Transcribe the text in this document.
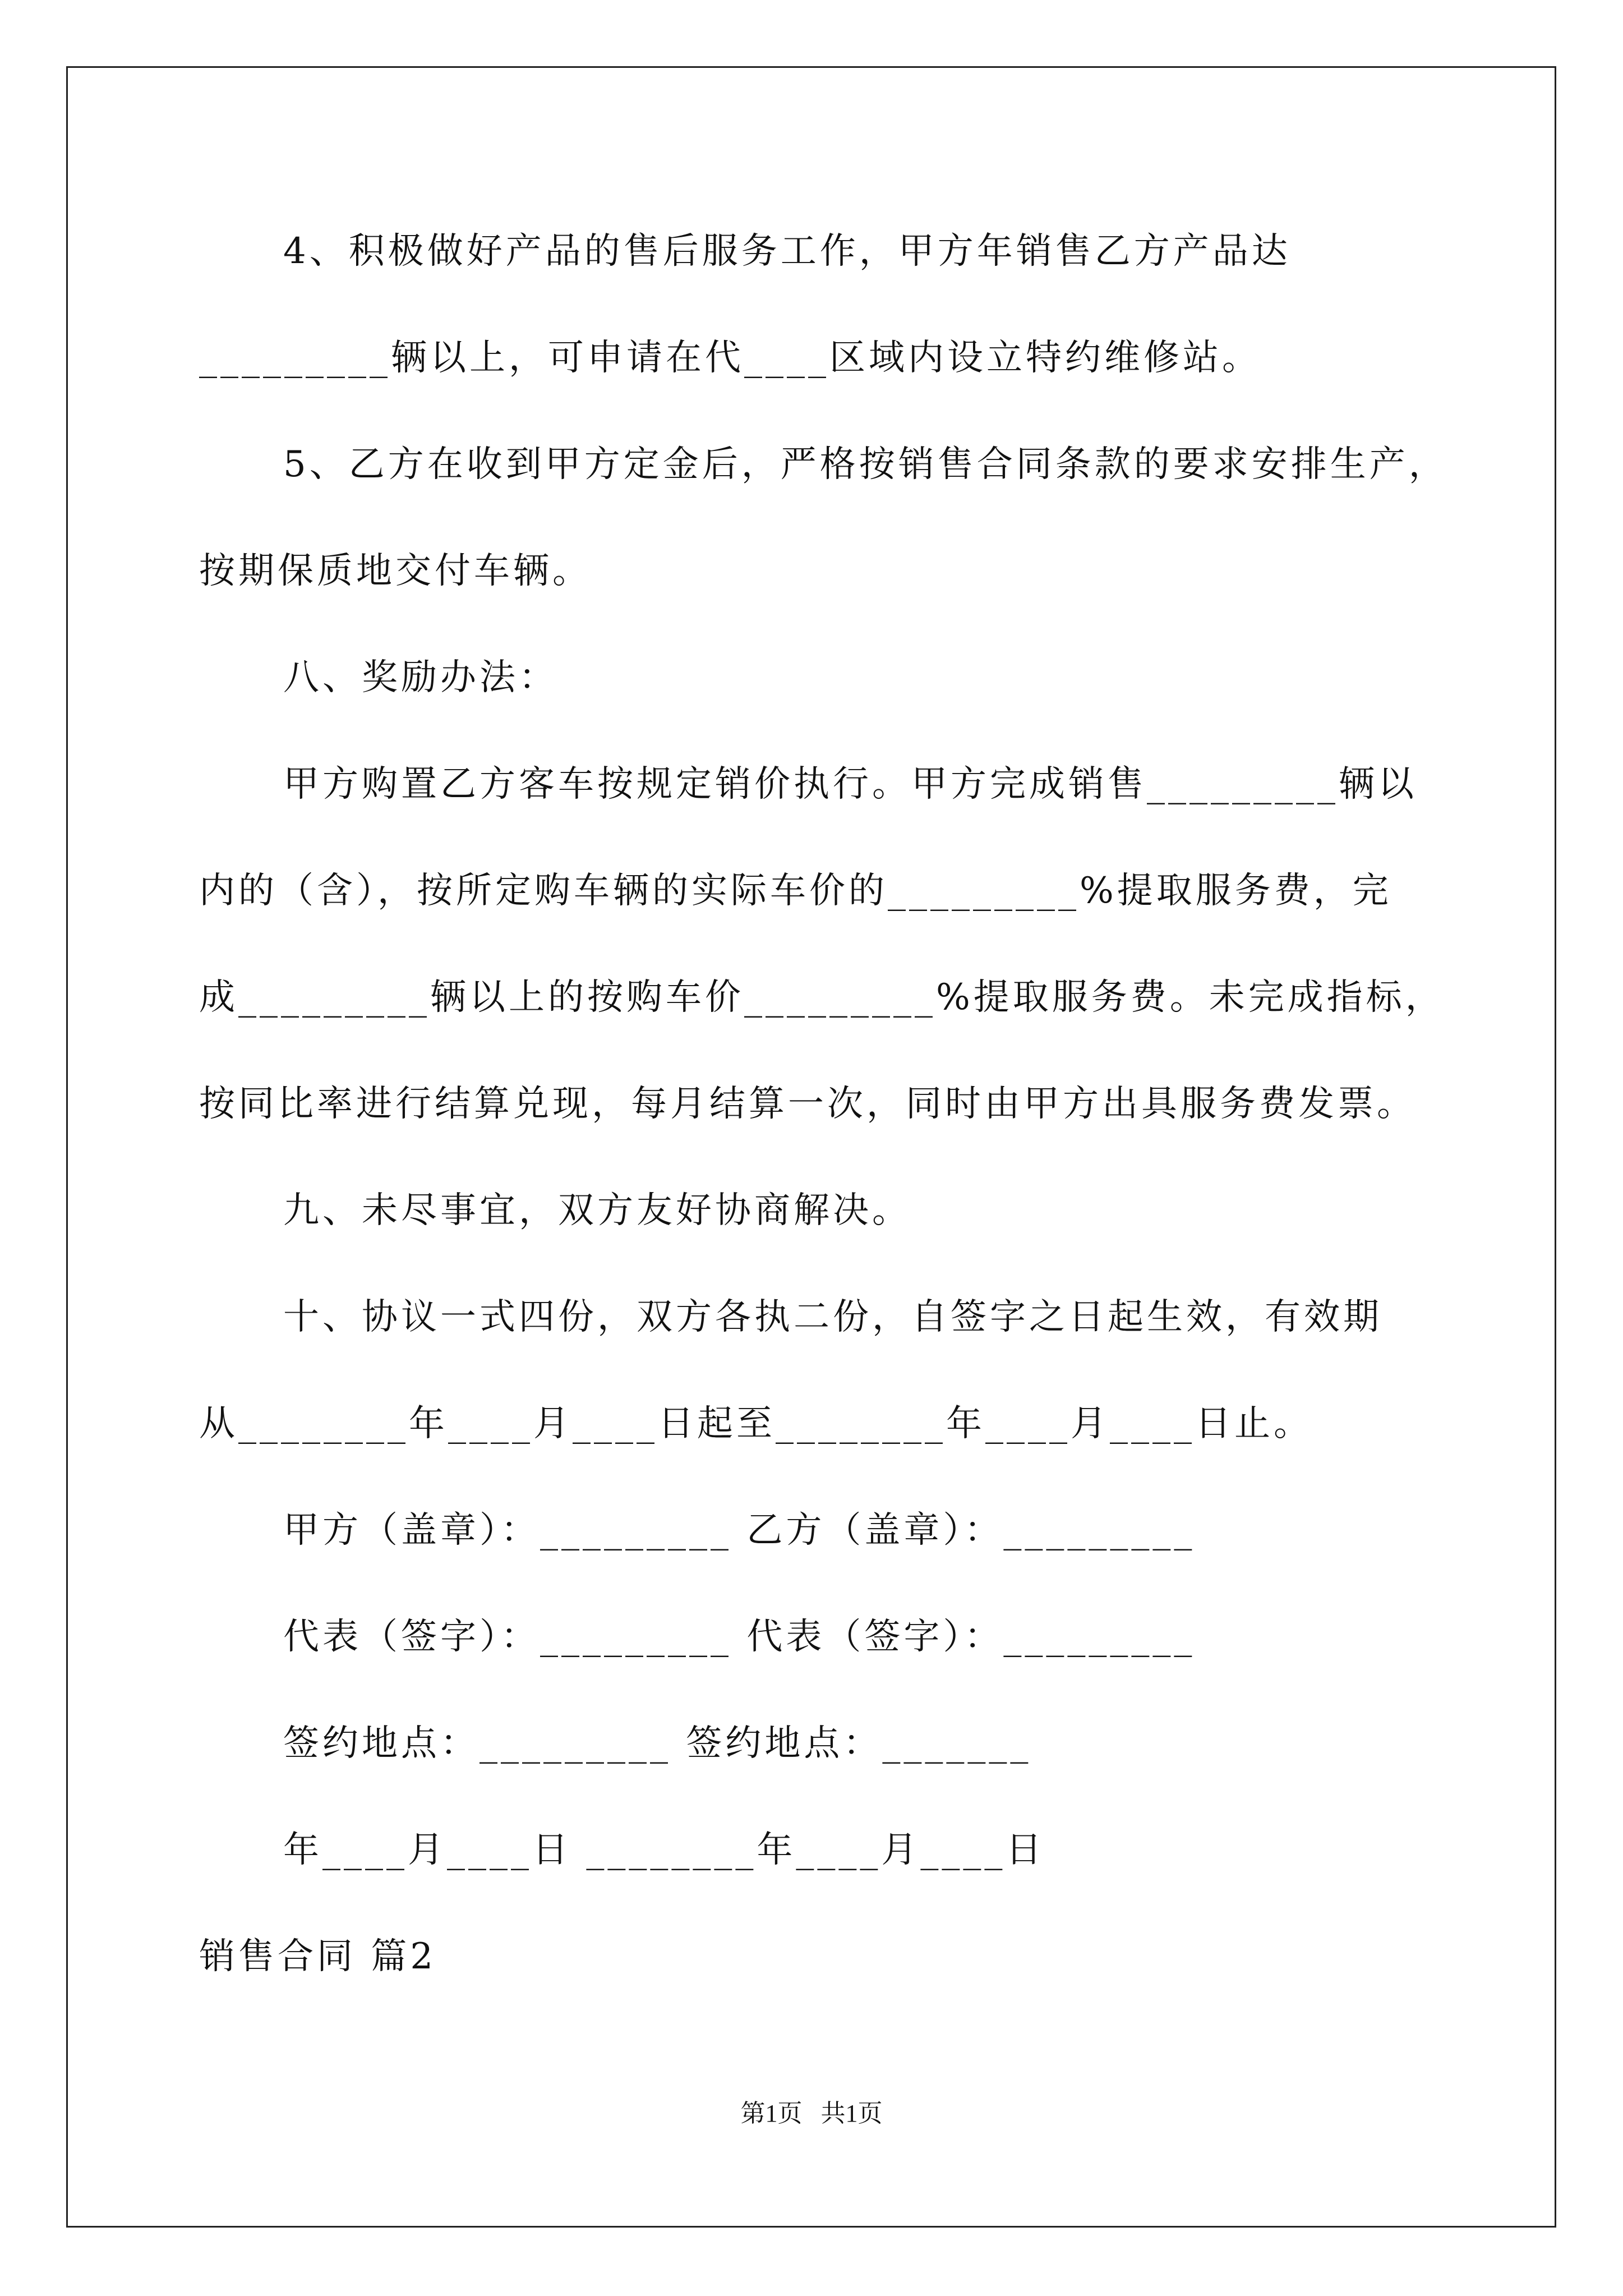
4、积极做好产品的售后服务工作，甲方年销售乙方产品达
_________辆以上，可申请在代____区域内设立特约维修站。
5、乙方在收到甲方定金后，严格按销售合同条款的要求安排生产，
按期保质地交付车辆。
八、奖励办法：
甲方购置乙方客车按规定销价执行。甲方完成销售_________辆以
内的（含），按所定购车辆的实际车价的_________%提取服务费，完
成_________辆以上的按购车价_________%提取服务费。未完成指标，
按同比率进行结算兑现，每月结算一次，同时由甲方出具服务费发票。
九、未尽事宜，双方友好协商解决。
十、协议一式四份，双方各执二份，自签字之日起生效，有效期
从________年____月____日起至________年____月____日止。
甲方（盖章）：_________ 乙方（盖章）：_________
代表（签字）：_________ 代表（签字）：_________
签约地点：_________ 签约地点：_______
年____月____日 ________年____月____日
销售合同 篇2
第1页   共1页
